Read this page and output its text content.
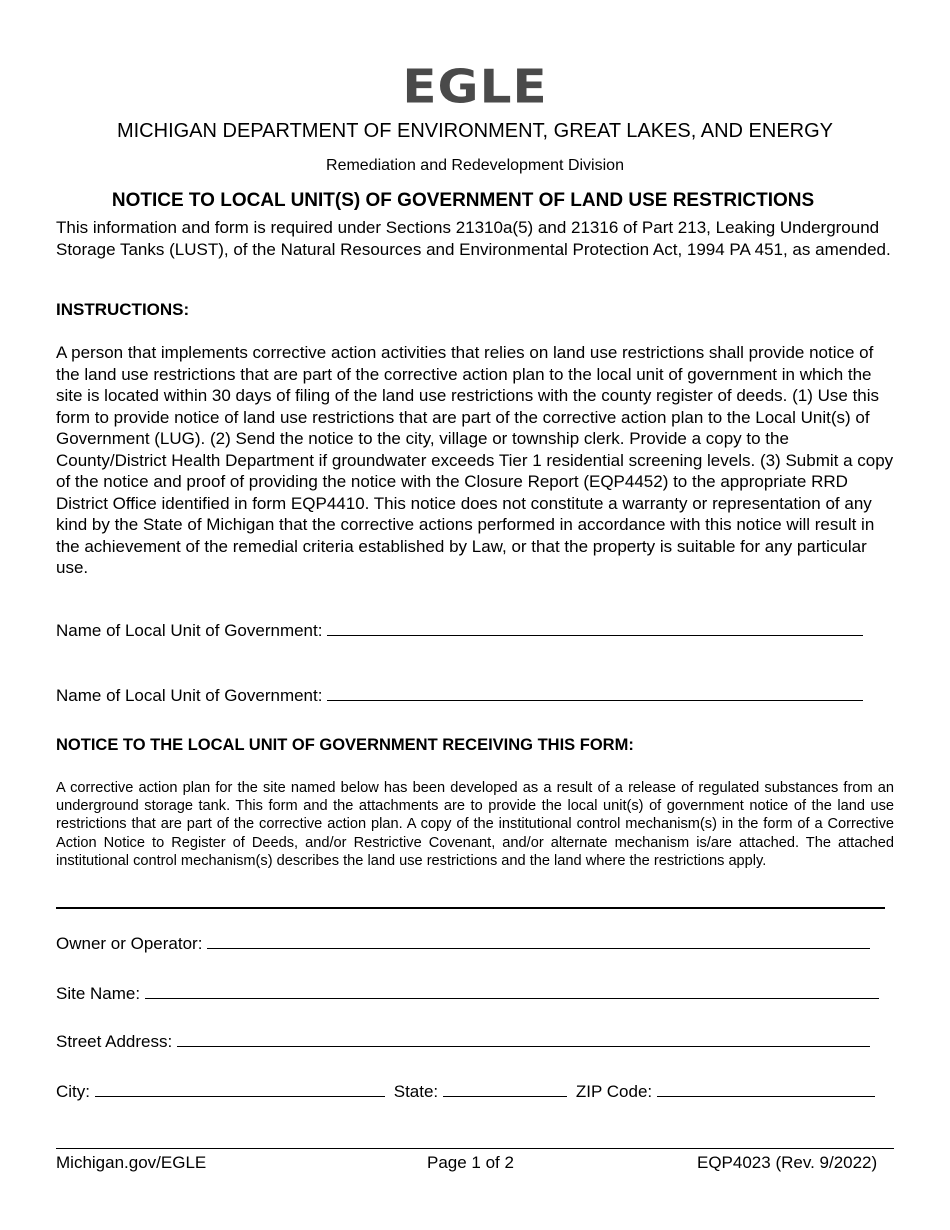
EGLE
MICHIGAN DEPARTMENT OF ENVIRONMENT, GREAT LAKES, AND ENERGY
Remediation and Redevelopment Division
NOTICE TO LOCAL UNIT(S) OF GOVERNMENT OF LAND USE RESTRICTIONS

This information and form is required under Sections 21310a(5) and 21316 of Part 213, Leaking Underground Storage Tanks (LUST), of the Natural Resources and Environmental Protection Act, 1994 PA 451, as amended.

INSTRUCTIONS:

A person that implements corrective action activities that relies on land use restrictions shall provide notice of the land use restrictions that are part of the corrective action plan to the local unit of government in which the site is located within 30 days of filing of the land use restrictions with the county register of deeds. (1) Use this form to provide notice of land use restrictions that are part of the corrective action plan to the Local Unit(s) of Government (LUG). (2) Send the notice to the city, village or township clerk. Provide a copy to the County/District Health Department if groundwater exceeds Tier 1 residential screening levels. (3) Submit a copy of the notice and proof of providing the notice with the Closure Report (EQP4452) to the appropriate RRD District Office identified in form EQP4410. This notice does not constitute a warranty or representation of any kind by the State of Michigan that the corrective actions performed in accordance with this notice will result in the achievement of the remedial criteria established by Law, or that the property is suitable for any particular use.

Name of Local Unit of Government:
Name of Local Unit of Government:
NOTICE TO THE LOCAL UNIT OF GOVERNMENT RECEIVING THIS FORM:

A corrective action plan for the site named below has been developed as a result of a release of regulated substances from an underground storage tank. This form and the attachments are to provide the local unit(s) of government notice of the land use restrictions that are part of the corrective action plan. A copy of the institutional control mechanism(s) in the form of a Corrective Action Notice to Register of Deeds, and/or Restrictive Covenant, and/or alternate mechanism is/are attached. The attached institutional control mechanism(s) describes the land use restrictions and the land where the restrictions apply.

Owner or Operator:
Site Name:
Street Address:
City:	State:	ZIP Code:
Michigan.gov/EGLE	Page 1 of 2	EQP4023 (Rev. 9/2022)
